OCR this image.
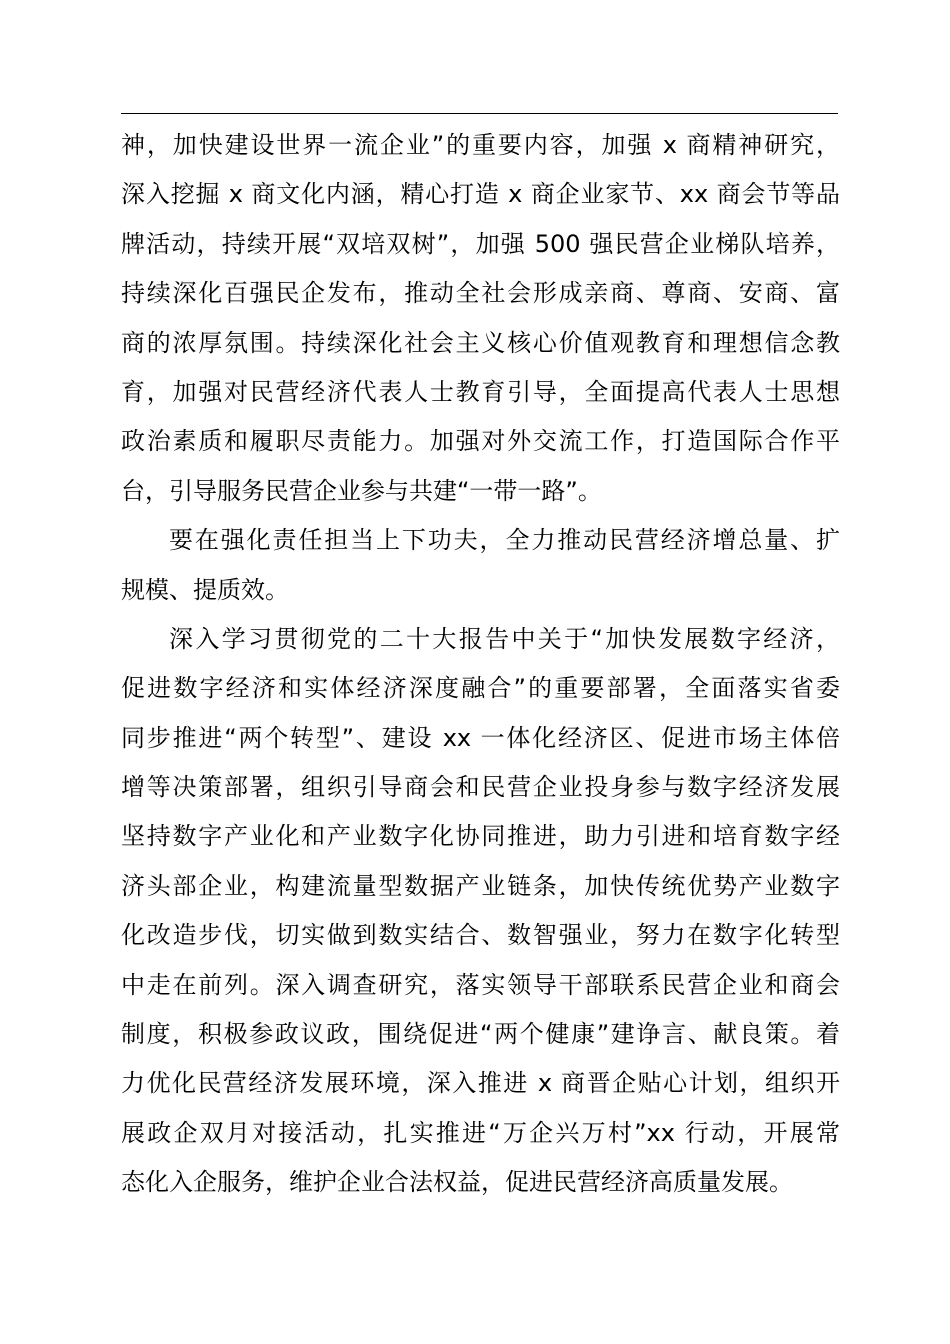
神，加快建设世界一流企业”的重要内容，加强 x 商精神研究，
深入挖掘 x 商文化内涵，精心打造 x 商企业家节、xx 商会节等品
牌活动，持续开展“双培双树”，加强 500 强民营企业梯队培养，
持续深化百强民企发布，推动全社会形成亲商、尊商、安商、富
商的浓厚氛围。持续深化社会主义核心价值观教育和理想信念教
育，加强对民营经济代表人士教育引导，全面提高代表人士思想
政治素质和履职尽责能力。加强对外交流工作，打造国际合作平
台，引导服务民营企业参与共建“一带一路”。
要在强化责任担当上下功夫，全力推动民营经济增总量、扩
规模、提质效。
深入学习贯彻党的二十大报告中关于“加快发展数字经济，
促进数字经济和实体经济深度融合”的重要部署，全面落实省委
同步推进“两个转型”、建设 xx 一体化经济区、促进市场主体倍
增等决策部署，组织引导商会和民营企业投身参与数字经济发展
坚持数字产业化和产业数字化协同推进，助力引进和培育数字经
济头部企业，构建流量型数据产业链条，加快传统优势产业数字
化改造步伐，切实做到数实结合、数智强业，努力在数字化转型
中走在前列。深入调查研究，落实领导干部联系民营企业和商会
制度，积极参政议政，围绕促进“两个健康”建诤言、献良策。着
力优化民营经济发展环境，深入推进 x 商晋企贴心计划，组织开
展政企双月对接活动，扎实推进“万企兴万村”xx 行动，开展常
态化入企服务，维护企业合法权益，促进民营经济高质量发展。
